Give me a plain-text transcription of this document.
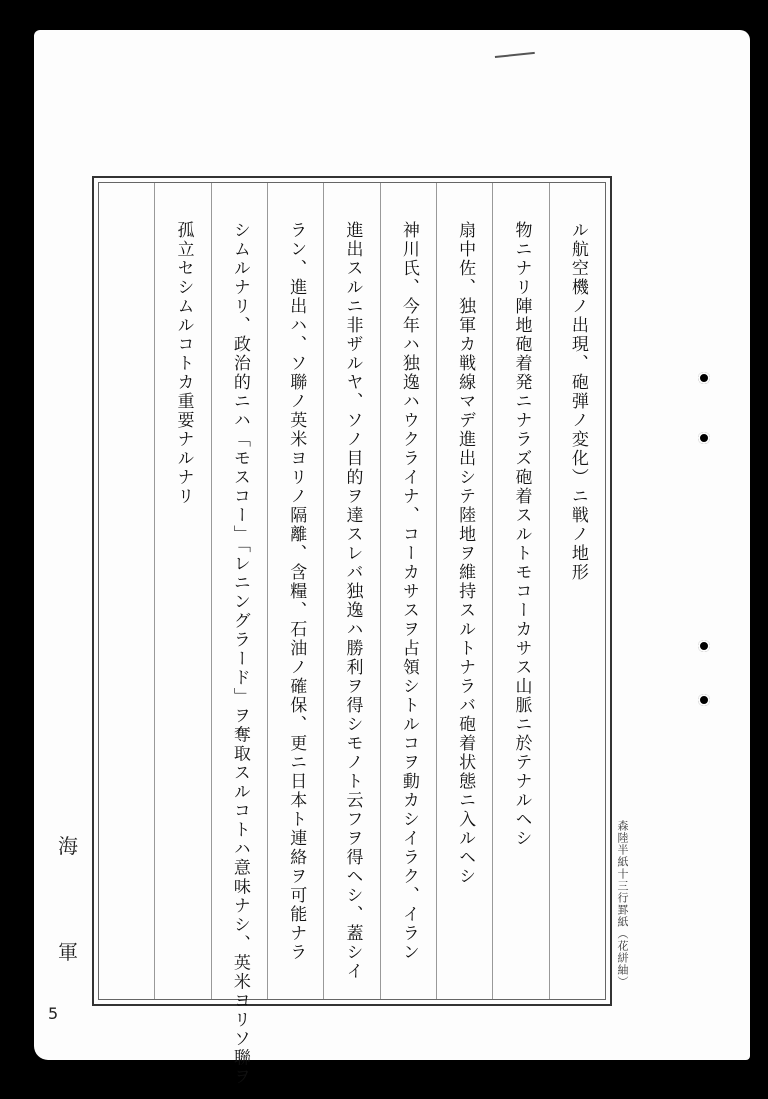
ル航空機ノ出現、砲弾ノ変化）ニ戦ノ地形
物ニナリ陣地砲着発ニナラズ砲着スルトモコーカサス山脈ニ於テナルヘシ
扇中佐、独軍カ戦線マデ進出シテ陸地ヲ維持スルトナラバ砲着状態ニ入ルヘシ
神川氏、今年ハ独逸ハウクライナ、コーカサスヲ占領シトルコヲ動カシイラク、イラン
進出スルニ非ザルヤ、ソノ目的ヲ達スレバ独逸ハ勝利ヲ得シモノト云フヲ得ヘシ、蓋シイ
ラン、進出ハ、ソ聯ノ英米ヨリノ隔離、含糧、石油ノ確保、更ニ日本ト連絡ヲ可能ナラ
シムルナリ、政治的ニハ「モスコー」「レニングラード」ヲ奪取スルコトハ意味ナシ、英米ヨリソ聯ヲ
孤立セシムルコトカ重要ナルナリ
海
軍
5
森陸半紙十三行罫紙（花絣紬）
